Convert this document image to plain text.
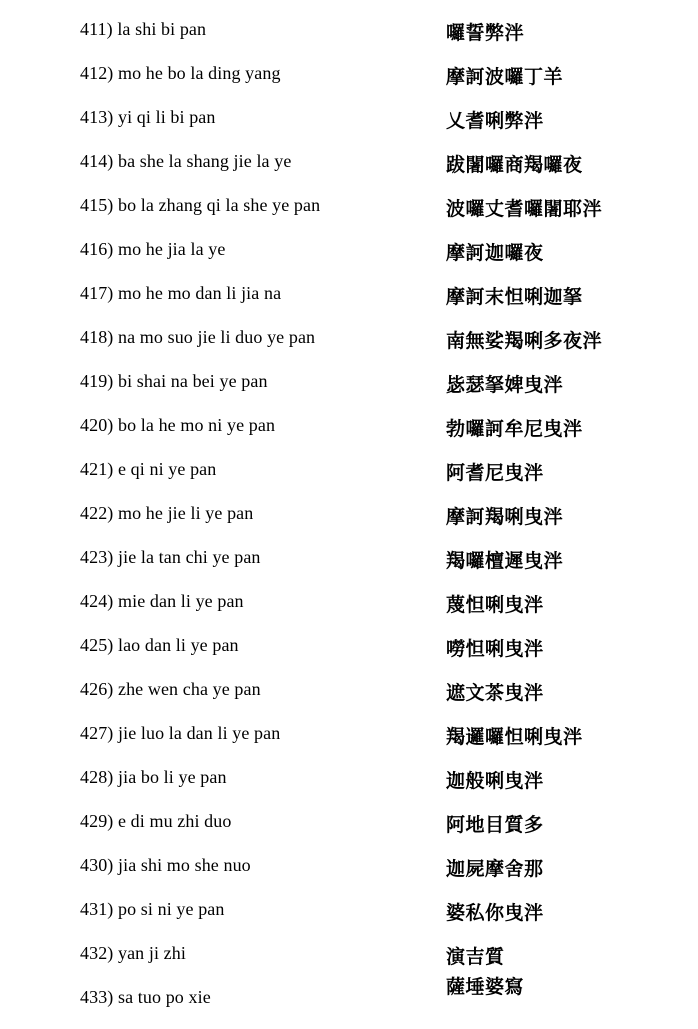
411) la shi bi pan	囉誓弊泮
412) mo he bo la ding yang	摩訶波囉丁羊
413) yi qi li bi pan	乂耆唎弊泮
414) ba she la shang jie la ye	跋闍囉商羯囉夜
415) bo la zhang qi la she ye pan	波囉丈耆囉闍耶泮
416) mo he jia la ye	摩訶迦囉夜
417) mo he mo dan li jia na	摩訶末怛唎迦拏
418) na mo suo jie li duo ye pan	南無娑羯唎多夜泮
419) bi shai na bei ye pan	毖瑟拏婢曳泮
420) bo la he mo ni ye pan	勃囉訶牟尼曳泮
421) e qi ni ye pan	阿耆尼曳泮
422) mo he jie li ye pan	摩訶羯唎曳泮
423) jie la tan chi ye pan	羯囉檀遲曳泮
424) mie dan li ye pan	蔑怛唎曳泮
425) lao dan li ye pan	嘮怛唎曳泮
426) zhe wen cha ye pan	遮文茶曳泮
427) jie luo la dan li ye pan	羯邏囉怛唎曳泮
428) jia bo li ye pan	迦般唎曳泮
429) e di mu zhi duo	阿地目質多
430) jia shi mo she nuo	迦屍摩舍那
431) po si ni ye pan	婆私你曳泮
432) yan ji zhi	演吉質
433) sa tuo po xie	薩埵婆寫
